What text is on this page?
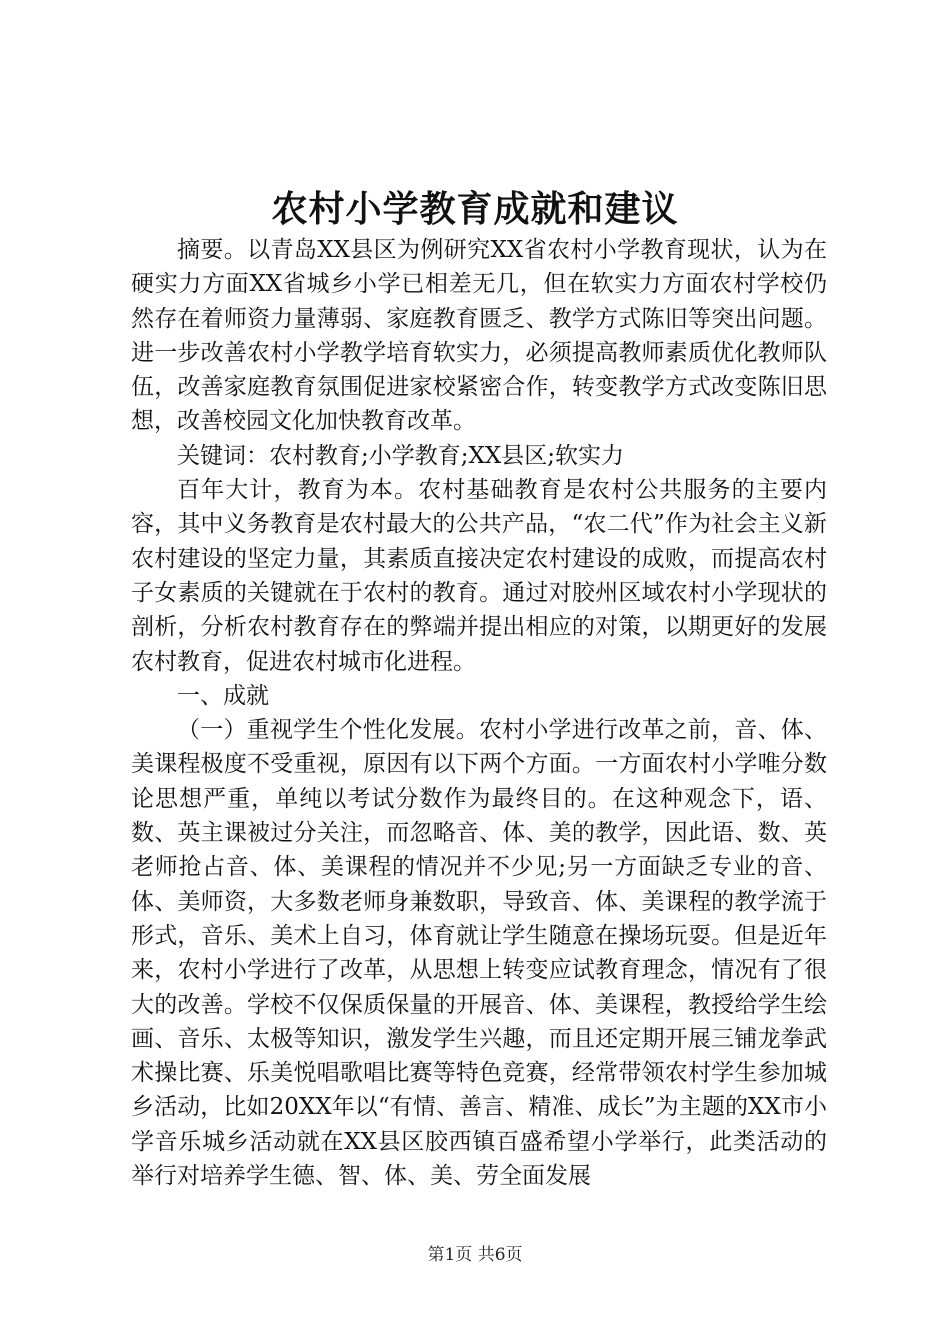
农村小学教育成就和建议

摘要。以青岛XX县区为例研究XX省农村小学教育现状，认为在硬实力方面XX省城乡小学已相差无几，但在软实力方面农村学校仍然存在着师资力量薄弱、家庭教育匮乏、教学方式陈旧等突出问题。进一步改善农村小学教学培育软实力，必须提高教师素质优化教师队伍，改善家庭教育氛围促进家校紧密合作，转变教学方式改变陈旧思想，改善校园文化加快教育改革。

关键词：农村教育;小学教育;XX县区;软实力

百年大计，教育为本。农村基础教育是农村公共服务的主要内容，其中义务教育是农村最大的公共产品，“农二代”作为社会主义新农村建设的坚定力量，其素质直接决定农村建设的成败，而提高农村子女素质的关键就在于农村的教育。通过对胶州区域农村小学现状的剖析，分析农村教育存在的弊端并提出相应的对策，以期更好的发展农村教育，促进农村城市化进程。

一、成就

（一）重视学生个性化发展。农村小学进行改革之前，音、体、美课程极度不受重视，原因有以下两个方面。一方面农村小学唯分数论思想严重，单纯以考试分数作为最终目的。在这种观念下，语、数、英主课被过分关注，而忽略音、体、美的教学，因此语、数、英老师抢占音、体、美课程的情况并不少见;另一方面缺乏专业的音、体、美师资，大多数老师身兼数职，导致音、体、美课程的教学流于形式，音乐、美术上自习，体育就让学生随意在操场玩耍。但是近年来，农村小学进行了改革，从思想上转变应试教育理念，情况有了很大的改善。学校不仅保质保量的开展音、体、美课程，教授给学生绘画、音乐、太极等知识，激发学生兴趣，而且还定期开展三铺龙拳武术操比赛、乐美悦唱歌唱比赛等特色竞赛，经常带领农村学生参加城乡活动，比如20XX年以“有情、善言、精准、成长”为主题的XX市小学音乐城乡活动就在XX县区胶西镇百盛希望小学举行，此类活动的举行对培养学生德、智、体、美、劳全面发展

第1页 共6页
